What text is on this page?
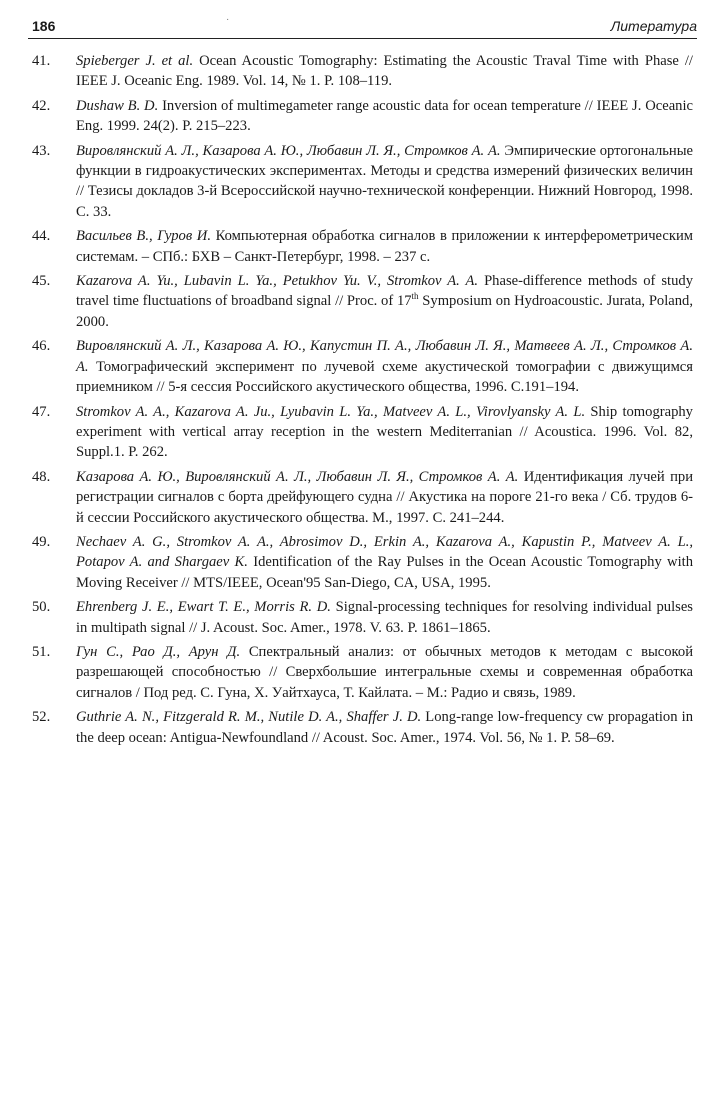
186	·	Литература
41. Spieberger J. et al. Ocean Acoustic Tomography: Estimating the Acoustic Traval Time with Phase // IEEE J. Oceanic Eng. 1989. Vol. 14, № 1. P. 108–119.
42. Dushaw B. D. Inversion of multimegameter range acoustic data for ocean temperature // IEEE J. Oceanic Eng. 1999. 24(2). P. 215–223.
43. Вировлянский А. Л., Казарова А. Ю., Любавин Л. Я., Стромков А. А. Эмпирические ортогональные функции в гидроакустических экспериментах. Методы и средства измерений физических величин // Тезисы докладов 3-й Всероссийской научно-технической конференции. Нижний Новгород, 1998. С. 33.
44. Васильев В., Гуров И. Компьютерная обработка сигналов в приложении к интерферометрическим системам. – СПб.: БХВ – Санкт-Петербург, 1998. – 237 с.
45. Kazarova A. Yu., Lubavin L. Ya., Petukhov Yu. V., Stromkov A. A. Phase-difference methods of study travel time fluctuations of broadband signal // Proc. of 17th Symposium on Hydroacoustic. Jurata, Poland, 2000.
46. Вировлянский А. Л., Казарова А. Ю., Капустин П. А., Любавин Л. Я., Матвеев А. Л., Стромков А. А. Томографический эксперимент по лучевой схеме акустической томографии с движущимся приемником // 5-я сессия Российского акустического общества, 1996. С.191–194.
47. Stromkov A. A., Kazarova A. Ju., Lyubavin L. Ya., Matveev A. L., Virovlyansky A. L. Ship tomography experiment with vertical array reception in the western Mediterranian // Acoustica. 1996. Vol. 82, Suppl.1. P. 262.
48. Казарова А. Ю., Вировлянский А. Л., Любавин Л. Я., Стромков А. А. Идентификация лучей при регистрации сигналов с борта дрейфующего судна // Акустика на пороге 21-го века / Сб. трудов 6-й сессии Российского акустического общества. М., 1997. С. 241–244.
49. Nechaev A. G., Stromkov A. A., Abrosimov D., Erkin A., Kazarova A., Kapustin P., Matveev A. L., Potapov A. and Shargaev K. Identification of the Ray Pulses in the Ocean Acoustic Tomography with Moving Receiver // MTS/IEEE, Ocean'95 San-Diego, CA, USA, 1995.
50. Ehrenberg J. E., Ewart T. E., Morris R. D. Signal-processing techniques for resolving individual pulses in multipath signal // J. Acoust. Soc. Amer., 1978. V. 63. P. 1861–1865.
51. Гун С., Рао Д., Арун Д. Спектральный анализ: от обычных методов к методам с высокой разрешающей способностью // Сверхбольшие интегральные схемы и современная обработка сигналов / Под ред. С. Гуна, Х. Уайтхауса, Т. Кайлата. – М.: Радио и связь, 1989.
52. Guthrie A. N., Fitzgerald R. M., Nutile D. A., Shaffer J. D. Long-range low-frequency cw propagation in the deep ocean: Antigua-Newfoundland // Acoust. Soc. Amer., 1974. Vol. 56, № 1. P. 58–69.
